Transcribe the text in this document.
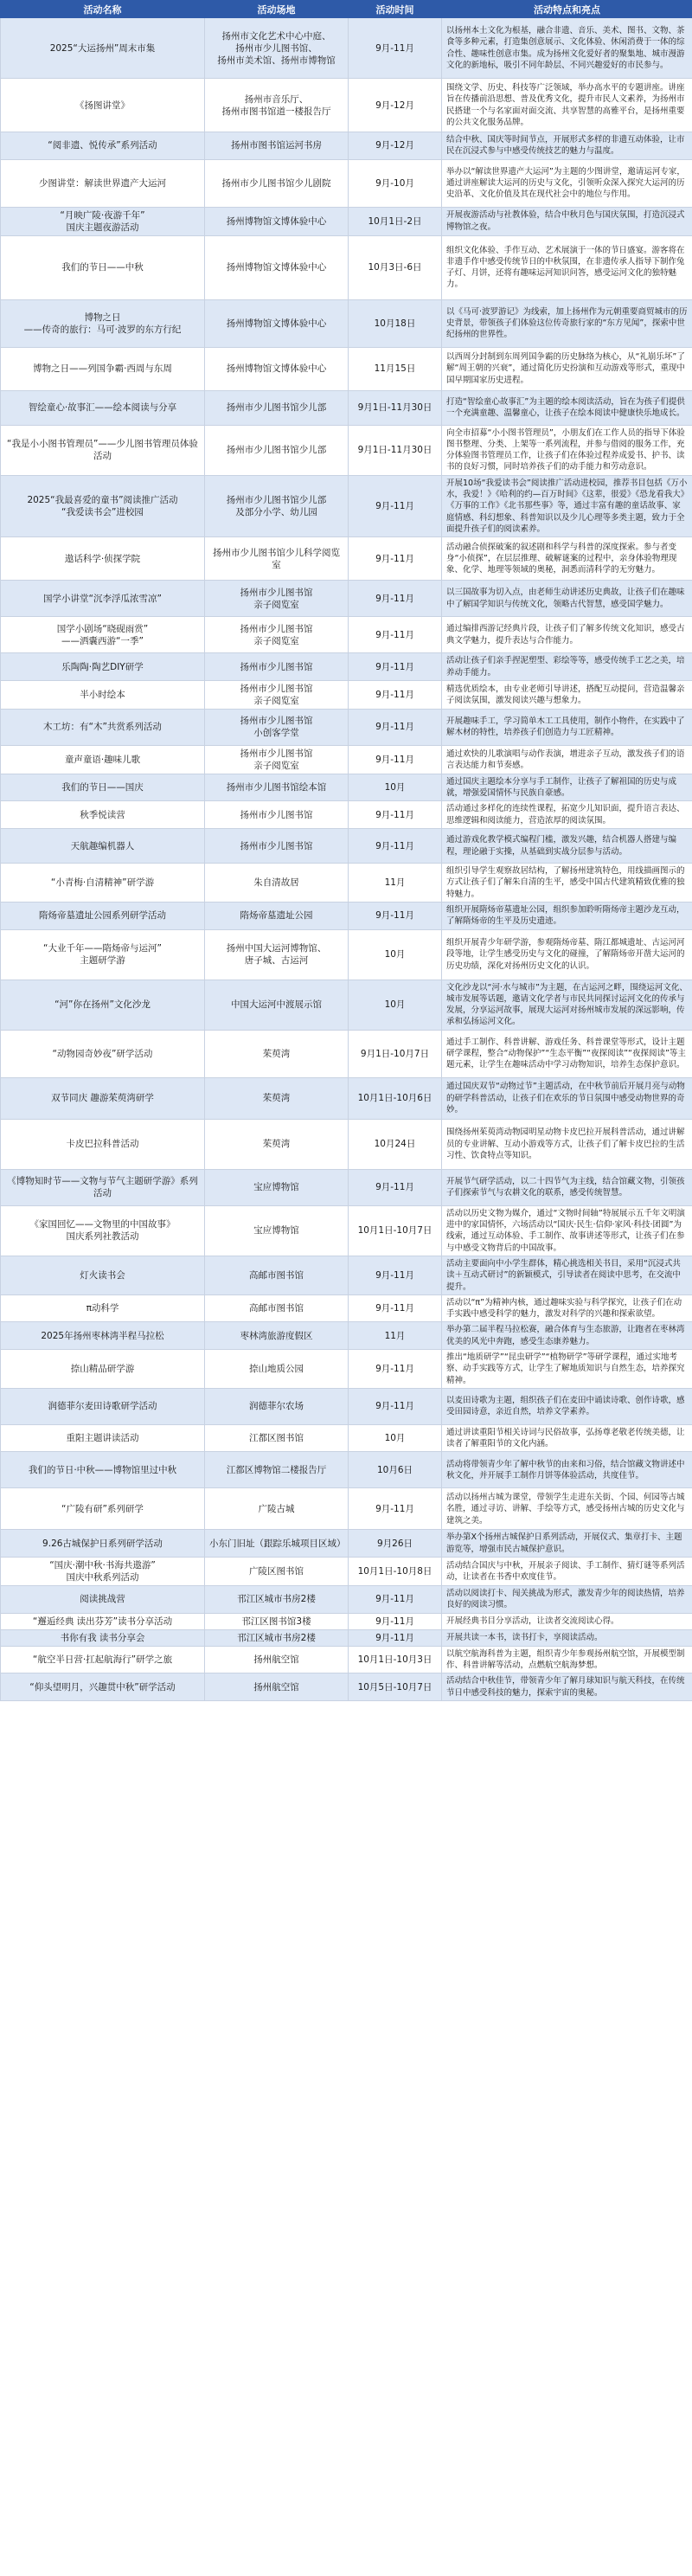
活动名称	活动场地	活动时间	活动特点和亮点
2025“大运扬州”周末市集	扬州市文化艺术中心中庭、
扬州市少儿图书馆、
扬州市美术馆、扬州市博物馆	9月-11月	以扬州本土文化为根基，融合非遗、音乐、美术、图书、文物、茶食等多种元素，打造集创意展示、文化体验、休闲消费于一体的综合性、趣味性创意市集。成为扬州文化爱好者的聚集地、城市漫游文化的新地标，吸引不同年龄层、不同兴趣爱好的市民参与。
《扬图讲堂》	扬州市音乐厅、
扬州市图书馆道一楼报告厅	9月-12月	围绕文学、历史、科技等广泛领域，举办高水平的专题讲座。讲座旨在传播前沿思想、普及优秀文化，提升市民人文素养，为扬州市民搭建一个与名家面对面交流、共享智慧的高雅平台，是扬州重要的公共文化服务品牌。
“阅非遗、悦传承”系列活动	扬州市图书馆运河书房	9月-12月	结合中秋、国庆等时间节点，开展形式多样的非遗互动体验，让市民在沉浸式参与中感受传统技艺的魅力与温度。
少图讲堂：解读世界遗产大运河	扬州市少儿图书馆少儿剧院	9月-10月	举办以“解读世界遗产大运河”为主题的少图讲堂，邀请运河专家，通过讲座解读大运河的历史与文化，引领听众深入探究大运河的历史沿革、文化价值及其在现代社会中的地位与作用。
“月映广陵·夜游千年”
国庆主题夜游活动	扬州博物馆文博体验中心	10月1日-2日	开展夜游活动与社教体验，结合中秋月色与国庆氛围，打造沉浸式博物馆之夜。
我们的节日——中秋	扬州博物馆文博体验中心	10月3日-6日	组织文化体验、手作互动、艺术展演于一体的节日盛宴。游客将在非遗手作中感受传统节日的中秋氛围，在非遗传承人指导下制作兔子灯、月饼，还将有趣味运河知识问答，感受运河文化的独特魅力。
博物之日
——传奇的旅行：马可·波罗的东方行纪	扬州博物馆文博体验中心	10月18日	以《马可·波罗游记》为线索，加上扬州作为元朝重要商贸城市的历史背景，带领孩子们体验这位传奇旅行家的“东方见闻”，探索中世纪扬州的世界性。
博物之日——列国争霸·西周与东周	扬州博物馆文博体验中心	11月15日	以西周分封制到东周列国争霸的历史脉络为核心，从“礼崩乐坏”了解“周王朝的兴衰”，通过简化历史扮演和互动游戏等形式，重现中国早期国家历史进程。
智绘童心·故事汇——绘本阅读与分享	扬州市少儿图书馆少儿部	9月1日-11月30日	打造“智绘童心故事汇”为主题的绘本阅读活动，旨在为孩子们提供一个充满童趣、温馨童心，让孩子在绘本阅读中健康快乐地成长。
“我是小小图书管理员”——少儿图书管理员体验活动	扬州市少儿图书馆少儿部	9月1日-11月30日	向全市招募“小小图书管理员”，小朋友们在工作人员的指导下体验图书整理、分类、上架等一系列流程，并参与借阅的服务工作，充分体验图书管理员工作，让孩子们在体验过程养成爱书、护书、读书的良好习惯，同时培养孩子们的动手能力和劳动意识。
2025“我最喜爱的童书”阅读推广活动
“我爱读书会”进校园	扬州市少儿图书馆少儿部
及部分小学、幼儿园	9月-11月	开展10场“我爱读书会”阅读推广活动进校园，推荐书目包括《万小水，我爱！》《哈利的约—百万时间》《这辈，很爱》《恐龙看我大》《万事的工作》《北书那些事》等，通过丰富有趣的童话故事、家庭情感、科幻想象、科普知识以及少儿心理等多类主题，致力于全面提升孩子们的阅读素养。
遨话科学·侦探学院	扬州市少儿图书馆少儿科学阅览室	9月-11月	活动融合侦探破案的叙述剧和科学与科普的深度探索。参与者变身“小侦探”，在层层推理、破解谜案的过程中，亲身体验物理现象、化学、地理等领域的奥秘，洞悉而清科学的无穷魅力。
国学小讲堂“沉李浮瓜浓雪凉”	扬州市少儿图书馆
亲子阅览室	9月-11月	以三国故事为切入点，由老师生动讲述历史典故，让孩子们在趣味中了解国学知识与传统文化，领略古代智慧，感受国学魅力。
国学小剧场“晓砚雨赏”
——洒囊西游“一季”	扬州市少儿图书馆
亲子阅览室	9月-11月	通过编排西游记经典片段，让孩子们了解多传统文化知识，感受古典文学魅力，提升表达与合作能力。
乐陶陶·陶艺DIY研学	扬州市少儿图书馆	9月-11月	活动让孩子们亲手捏泥塑型、彩绘等等，感受传统手工艺之美，培养动手能力。
半小时绘本	扬州市少儿图书馆
亲子阅览室	9月-11月	精选优质绘本，由专业老师引导讲述，搭配互动提问，营造温馨亲子阅读氛围，激发阅读兴趣与想象力。
木工坊：有“木”共赏系列活动	扬州市少儿图书馆
小创客学堂	9月-11月	开展趣味手工，学习简单木工工具使用，制作小物件，在实践中了解木材的特性，培养孩子们创造力与工匠精神。
童声童语·趣味儿歌	扬州市少儿图书馆
亲子阅览室	9月-11月	通过欢快的儿歌演唱与动作表演，增进亲子互动，激发孩子们的语言表达能力和节奏感。
我们的节日——国庆	扬州市少儿图书馆绘本馆	10月	通过国庆主题绘本分享与手工制作，让孩子了解祖国的历史与成就，增强爱国情怀与民族自豪感。
秋季悦读营	扬州市少儿图书馆	9月-11月	活动通过多样化的连续性课程，拓宽少儿知识面，提升语言表达、思维逻辑和阅读能力，营造浓厚的阅读氛围。
天航趣编机器人	扬州市少儿图书馆	9月-11月	通过游戏化教学模式编程门槛，激发兴趣，结合机器人搭建与编程，理论融于实操，从基础到实战分层参与活动。
“小青梅·自清精神”研学游	朱自清故居	11月	组织引导学生观察故居结构，了解扬州建筑特色，用线描画图示的方式让孩子们了解朱自清的生平，感受中国古代建筑精致优雅的独特魅力。
隋炀帝墓遗址公园系列研学活动	隋炀帝墓遗址公园	9月-11月	组织开展隋炀帝墓遗址公园，组织参加聆听隋炀帝主题沙龙互动，了解隋炀帝的生平及历史遗迹。
“大业千年——隋炀帝与运河”
主题研学游	扬州中国大运河博物馆、
唐子城、古运河	10月	组织开展青少年研学游，参观隋炀帝墓、隋江都城遗址、古运河河段等地，让学生感受历史与文化的碰撞，了解隋炀帝开凿大运河的历史功绩，深化对扬州历史文化的认识。
“河”你在扬州”文化沙龙	中国大运河中渡展示馆	10月	文化沙龙以“河·水与城市”为主题，在古运河之畔，围绕运河文化、城市发展等话题，邀请文化学者与市民共同探讨运河文化的传承与发展，分享运河故事，展现大运河对扬州城市发展的深远影响，传承和弘扬运河文化。
“动物园奇妙夜”研学活动	茱萸湾	9月1日-10月7日	通过手工制作、科普讲解、游戏任务、科普课堂等形式，设计主题研学课程，整合“动物保护”“生态平衡”“夜探阅读”“夜探阅读”等主题元素，让学生在趣味活动中学习动物知识，培养生态保护意识。
双节同庆 趣游茱萸湾研学	茱萸湾	10月1日-10月6日	通过国庆双节“动物过节”主题活动，在中秋节前后开展月亮与动物的研学科普活动，让孩子们在欢乐的节日氛围中感受动物世界的奇妙。
卡皮巴拉科普活动	茱萸湾	10月24日	围绕扬州茱萸湾动物园明星动物卡皮巴拉开展科普活动，通过讲解员的专业讲解、互动小游戏等方式，让孩子们了解卡皮巴拉的生活习性、饮食特点等知识。
《博物知时节——文物与节气主题研学游》系列活动	宝应博物馆	9月-11月	开展节气研学活动，以二十四节气为主线，结合馆藏文物，引领孩子们探索节气与农耕文化的联系，感受传统智慧。
《家国回忆——文物里的中国故事》
国庆系列社教活动	宝应博物馆	10月1日-10月7日	活动以历史文物为媒介，通过“文物时间轴”特展展示五千年文明演进中的家国情怀，六场活动以“国庆·民生·信仰·家风·科技·团圆”为线索，通过互动体验、手工制作、故事讲述等形式，让孩子们在参与中感受文物背后的中国故事。
灯火读书会	高邮市图书馆	9月-11月	活动主要面向中小学生群体，精心挑选相关书目，采用“沉浸式共读＋互动式研讨”的新颖模式，引导读者在阅读中思考，在交流中提升。
π动科学	高邮市图书馆	9月-11月	活动以“π”为精神内核，通过趣味实验与科学探究，让孩子们在动手实践中感受科学的魅力，激发对科学的兴趣和探索欲望。
2025年扬州枣林湾半程马拉松	枣林湾旅游度假区	11月	举办第二届半程马拉松赛，融合体育与生态旅游，让跑者在枣林湾优美的风光中奔跑，感受生态康养魅力。
捺山精品研学游	捺山地质公园	9月-11月	推出“地质研学”“昆虫研学”“植物研学”等研学课程，通过实地考察、动手实践等方式，让学生了解地质知识与自然生态，培养探究精神。
润德菲尔麦田诗歌研学活动	润德菲尔农场	9月-11月	以麦田诗歌为主题，组织孩子们在麦田中诵读诗歌、创作诗歌，感受田园诗意，亲近自然，培养文学素养。
重阳主题讲读活动	江都区图书馆	10月	通过讲读重阳节相关诗词与民俗故事，弘扬尊老敬老传统美德，让读者了解重阳节的文化内涵。
我们的节日·中秋——博物馆里过中秋	江都区博物馆二楼报告厅	10月6日	活动将带领青少年了解中秋节的由来和习俗，结合馆藏文物讲述中秋文化，并开展手工制作月饼等体验活动，共度佳节。
“广陵有研”系列研学	广陵古城	9月-11月	活动以扬州古城为课堂，带领学生走进东关街、个园、何园等古城名胜，通过寻访、讲解、手绘等方式，感受扬州古城的历史文化与建筑之美。
9.26古城保护日系列研学活动	小东门旧址（跟踪乐城项目区域）	9月26日	举办第X个扬州古城保护日系列活动，开展仪式、集章打卡、主题游览等，增强市民古城保护意识。
“国庆·潮中秋·书海共遨游”
国庆中秋系列活动	广陵区图书馆	10月1日-10月8日	活动结合国庆与中秋，开展亲子阅读、手工制作、猜灯谜等系列活动，让读者在书香中欢度佳节。
阅读挑战营	邗江区城市书房2楼	9月-11月	活动以阅读打卡、闯关挑战为形式，激发青少年的阅读热情，培养良好的阅读习惯。
“邂逅经典 读出芬芳”读书分享活动	邗江区图书馆3楼	9月-11月	开展经典书目分享活动，让读者交流阅读心得。
书你有我 读书分享会	邗江区城市书房2楼	9月-11月	开展共读一本书，读书打卡，享阅读活动。
“航空半日营·扛起航海行”研学之旅	扬州航空馆	10月1日-10月3日	以航空航海科普为主题，组织青少年参观扬州航空馆，开展模型制作、科普讲解等活动，点燃航空航海梦想。
“仰头望明月，兴趣贯中秋”研学活动	扬州航空馆	10月5日-10月7日	活动结合中秋佳节，带领青少年了解月球知识与航天科技，在传统节日中感受科技的魅力，探索宇宙的奥秘。
